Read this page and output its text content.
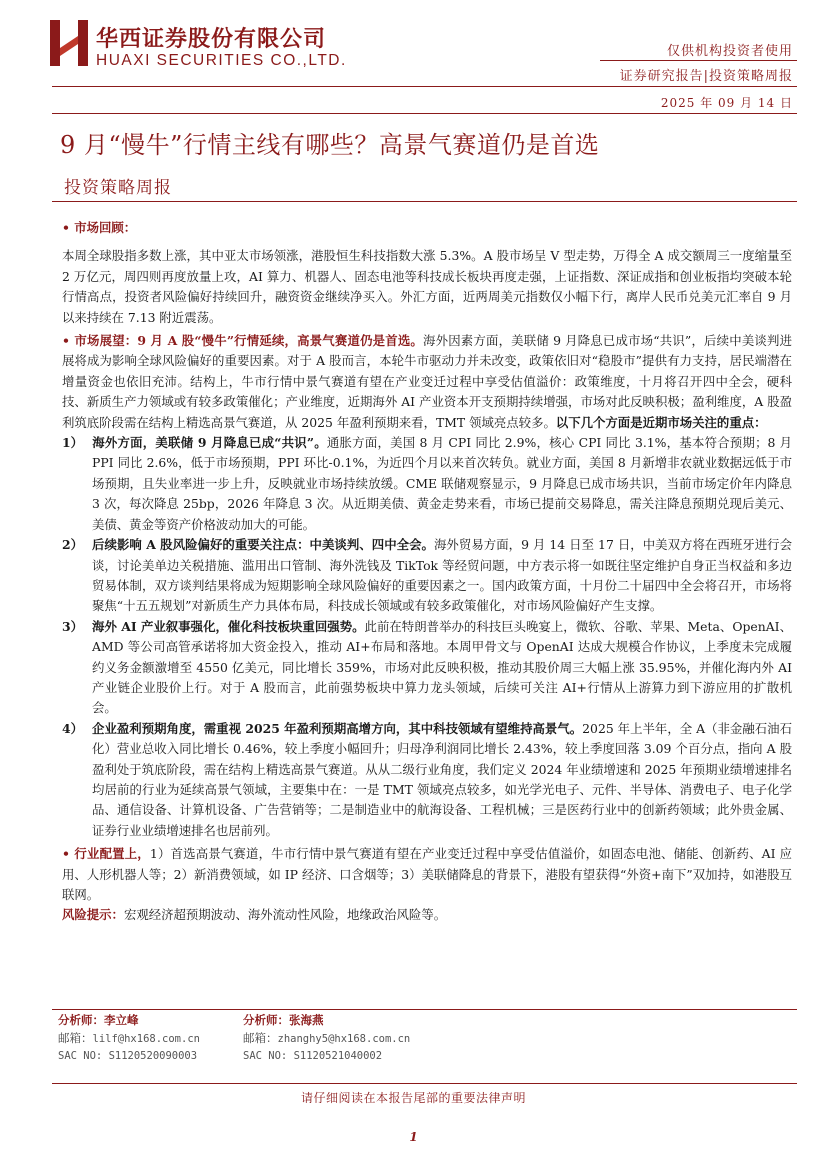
华西证券股份有限公司
HUAXI SECURITIES CO.,LTD.
仅供机构投资者使用
证券研究报告|投资策略周报
2025 年 09 月 14 日
9 月“慢牛”行情主线有哪些？高景气赛道仍是首选
投资策略周报

• 市场回顾：

本周全球股指多数上涨，其中亚太市场领涨，港股恒生科技指数大涨 5.3%。A 股市场呈 V 型走势，万得全 A 成交额周三一度缩量至 2 万亿元，周四则再度放量上攻，AI 算力、机器人、固态电池等科技成长板块再度走强，上证指数、深证成指和创业板指均突破本轮行情高点，投资者风险偏好持续回升，融资资金继续净买入。外汇方面，近两周美元指数仅小幅下行，离岸人民币兑美元汇率自 9 月以来持续在 7.13 附近震荡。

• 市场展望：9 月 A 股“慢牛”行情延续，高景气赛道仍是首选。海外因素方面，美联储 9 月降息已成市场“共识”，后续中美谈判进展将成为影响全球风险偏好的重要因素。对于 A 股而言，本轮牛市驱动力并未改变，政策依旧对“稳股市”提供有力支持，居民端潜在增量资金也依旧充沛。结构上，牛市行情中景气赛道有望在产业变迁过程中享受估值溢价：政策维度，十月将召开四中全会，硬科技、新质生产力领域或有较多政策催化；产业维度，近期海外 AI 产业资本开支预期持续增强，市场对此反映积极；盈利维度，A 股盈利筑底阶段需在结构上精选高景气赛道，从 2025 年盈利预期来看，TMT 领域亮点较多。以下几个方面是近期市场关注的重点：

1） 海外方面，美联储 9 月降息已成“共识”。通胀方面，美国 8 月 CPI 同比 2.9%，核心 CPI 同比 3.1%，基本符合预期；8 月 PPI 同比 2.6%，低于市场预期，PPI 环比-0.1%，为近四个月以来首次转负。就业方面，美国 8 月新增非农就业数据远低于市场预期，且失业率进一步上升，反映就业市场持续放缓。CME 联储观察显示，9 月降息已成市场共识，当前市场定价年内降息 3 次，每次降息 25bp，2026 年降息 3 次。从近期美债、黄金走势来看，市场已提前交易降息，需关注降息预期兑现后美元、美债、黄金等资产价格波动加大的可能。

2） 后续影响 A 股风险偏好的重要关注点：中美谈判、四中全会。海外贸易方面，9 月 14 日至 17 日，中美双方将在西班牙进行会谈，讨论美单边关税措施、滥用出口管制、海外洗钱及 TikTok 等经贸问题，中方表示将一如既往坚定维护自身正当权益和多边贸易体制，双方谈判结果将成为短期影响全球风险偏好的重要因素之一。国内政策方面，十月份二十届四中全会将召开，市场将聚焦“十五五规划”对新质生产力具体布局，科技成长领域或有较多政策催化，对市场风险偏好产生支撑。

3） 海外 AI 产业叙事强化，催化科技板块重回强势。此前在特朗普举办的科技巨头晚宴上，微软、谷歌、苹果、Meta、OpenAI、AMD 等公司高管承诺将加大资金投入，推动 AI+布局和落地。本周甲骨文与 OpenAI 达成大规模合作协议，上季度未完成履约义务金额激增至 4550 亿美元，同比增长 359%，市场对此反映积极，推动其股价周三大幅上涨 35.95%，并催化海内外 AI 产业链企业股价上行。对于 A 股而言，此前强势板块中算力龙头领域，后续可关注 AI+行情从上游算力到下游应用的扩散机会。

4） 企业盈利预期角度，需重视 2025 年盈利预期高增方向，其中科技领域有望维持高景气。2025 年上半年，全 A（非金融石油石化）营业总收入同比增长 0.46%，较上季度小幅回升；归母净利润同比增长 2.43%，较上季度回落 3.09 个百分点，指向 A 股盈利处于筑底阶段，需在结构上精选高景气赛道。从从二级行业角度，我们定义 2024 年业绩增速和 2025 年预期业绩增速排名均居前的行业为延续高景气领域，主要集中在：一是 TMT 领域亮点较多，如光学光电子、元件、半导体、消费电子、电子化学品、通信设备、计算机设备、广告营销等；二是制造业中的航海设备、工程机械；三是医药行业中的创新药领域；此外贵金属、证券行业业绩增速排名也居前列。

• 行业配置上，1）首选高景气赛道，牛市行情中景气赛道有望在产业变迁过程中享受估值溢价，如固态电池、储能、创新药、AI 应用、人形机器人等；2）新消费领域，如 IP 经济、口含烟等；3）美联储降息的背景下，港股有望获得“外资+南下”双加持，如港股互联网。

风险提示：宏观经济超预期波动、海外流动性风险，地缘政治风险等。

分析师：李立峰
邮箱：lilf@hx168.com.cn
SAC NO: S1120520090003
分析师：张海燕
邮箱：zhanghy5@hx168.com.cn
SAC NO: S1120521040002
请仔细阅读在本报告尾部的重要法律声明
1
